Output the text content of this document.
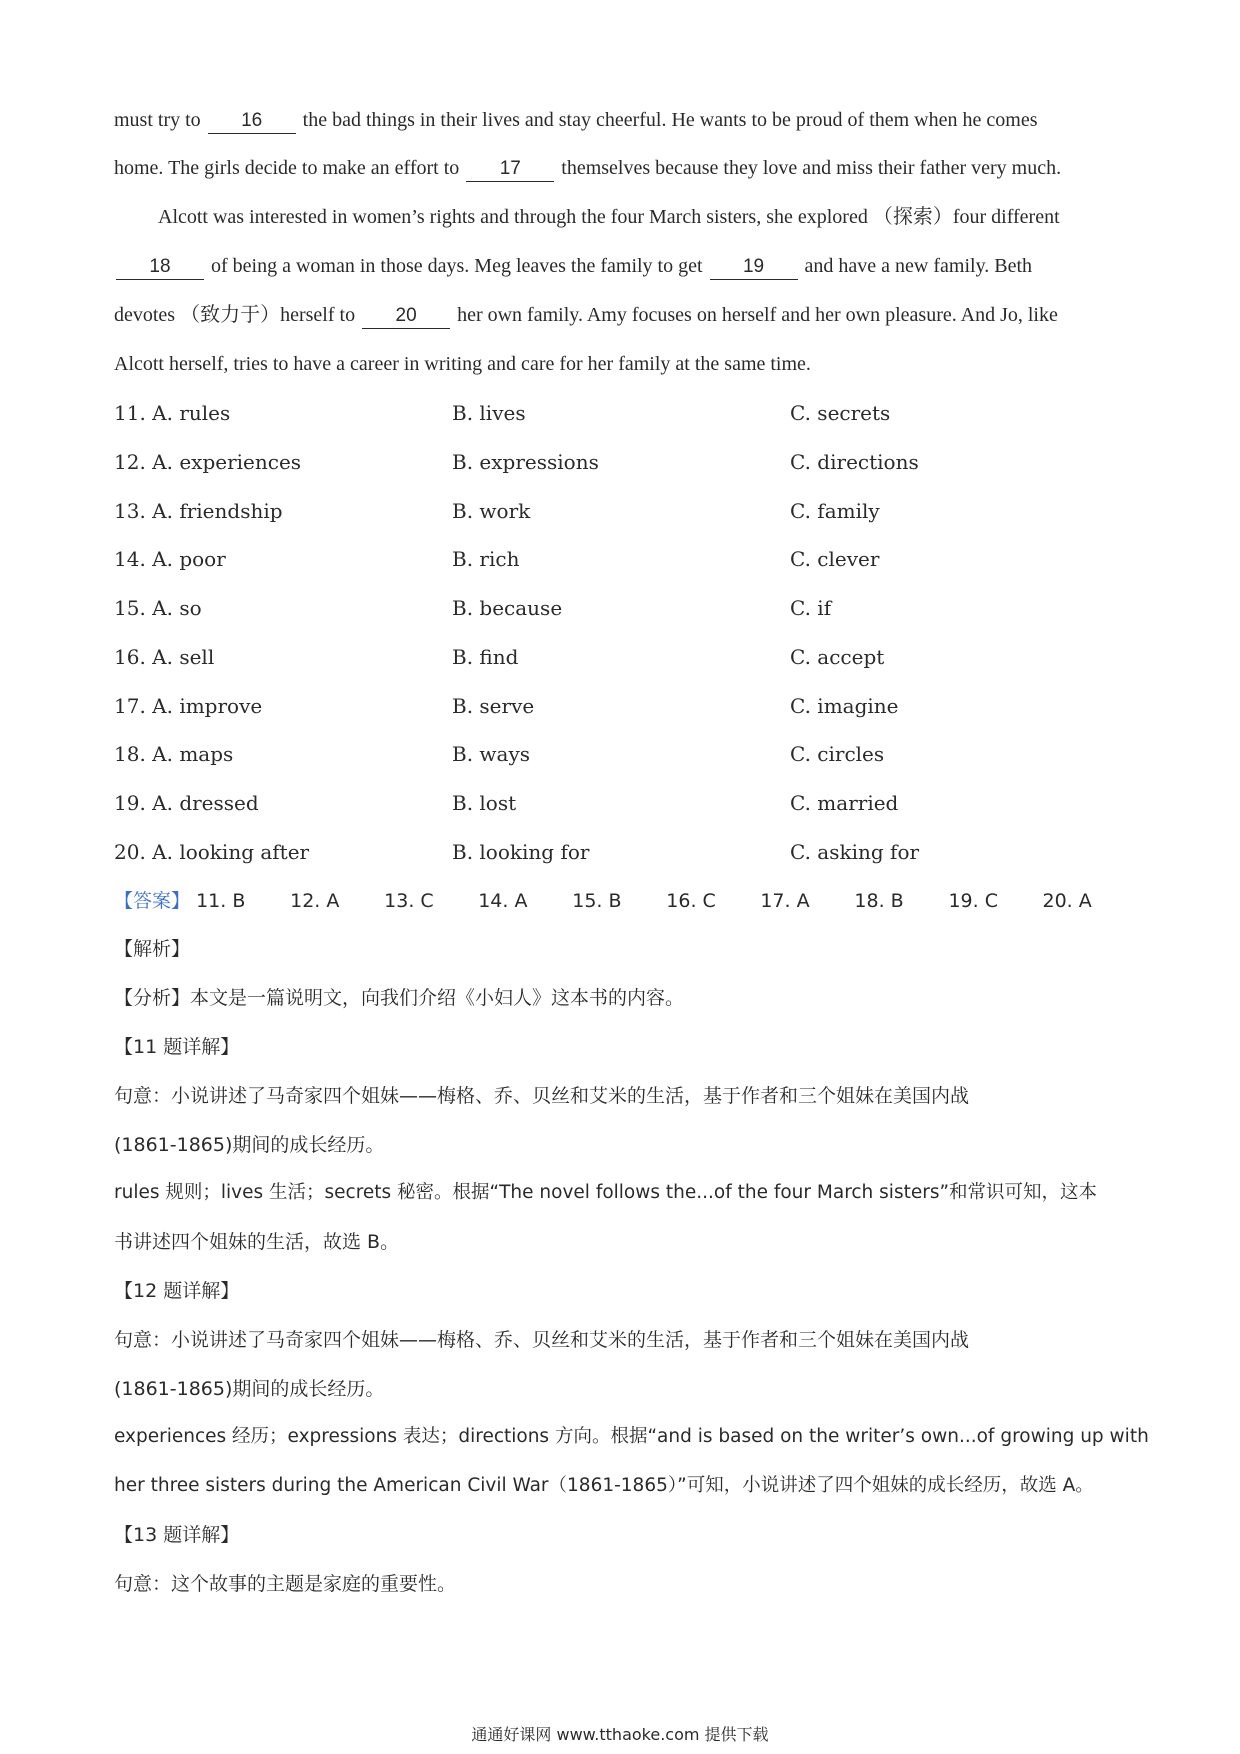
must try to 16 the bad things in their lives and stay cheerful. He wants to be proud of them when he comes
home. The girls decide to make an effort to 17 themselves because they love and miss their father very much.
Alcott was interested in women’s rights and through the four March sisters, she explored （探索）four different
18 of being a woman in those days. Meg leaves the family to get 19 and have a new family. Beth
devotes （致力于）herself to 20 her own family. Amy focuses on herself and her own pleasure. And Jo, like
Alcott herself, tries to have a career in writing and care for her family at the same time.
11. A. rules	B. lives	C. secrets
12. A. experiences	B. expressions	C. directions
13. A. friendship	B. work	C. family
14. A. poor	B. rich	C. clever
15. A. so	B. because	C. if
16. A. sell	B. find	C. accept
17. A. improve	B. serve	C. imagine
18. A. maps	B. ways	C. circles
19. A. dressed	B. lost	C. married
20. A. looking after	B. looking for	C. asking for
【答案】 11. B 12. A 13. C 14. A 15. B 16. C 17. A 18. B 19. C 20. A
【解析】
【分析】本文是一篇说明文，向我们介绍《小妇人》这本书的内容。
【11 题详解】
句意：小说讲述了马奇家四个姐妹——梅格、乔、贝丝和艾米的生活，基于作者和三个姐妹在美国内战
(1861-1865)期间的成长经历。
rules 规则；lives 生活；secrets 秘密。根据“The novel follows the...of the four March sisters”和常识可知，这本
书讲述四个姐妹的生活，故选 B。
【12 题详解】
句意：小说讲述了马奇家四个姐妹——梅格、乔、贝丝和艾米的生活，基于作者和三个姐妹在美国内战
(1861-1865)期间的成长经历。
experiences 经历；expressions 表达；directions 方向。根据“and is based on the writer’s own...of growing up with
her three sisters during the American Civil War（1861-1865）”可知，小说讲述了四个姐妹的成长经历，故选 A。
【13 题详解】
句意：这个故事的主题是家庭的重要性。
通通好课网 www.tthaoke.com 提供下载
